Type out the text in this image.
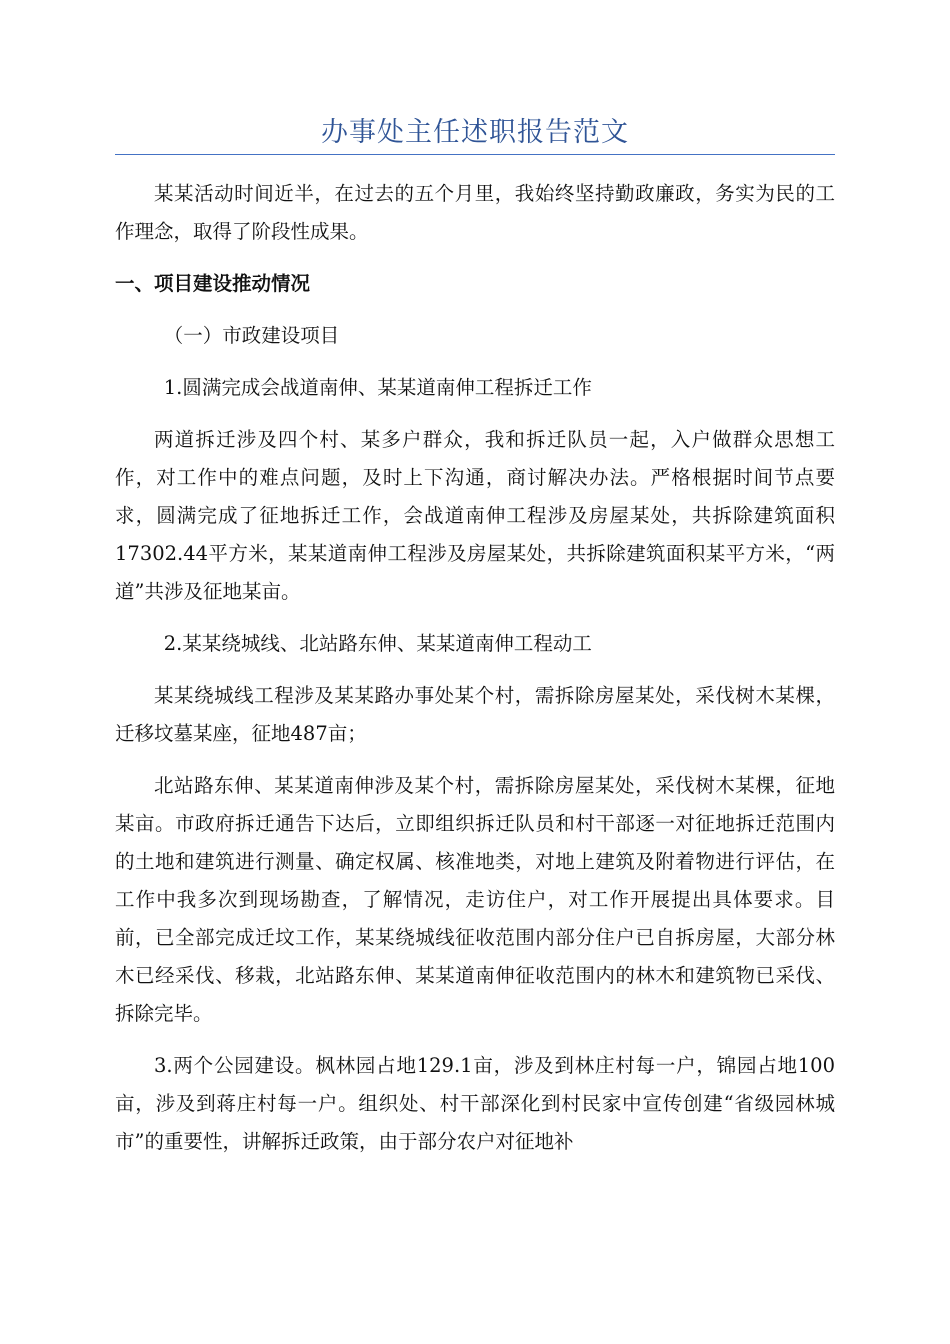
办事处主任述职报告范文

某某活动时间近半，在过去的五个月里，我始终坚持勤政廉政，务实为民的工作理念，取得了阶段性成果。

一、项目建设推动情况

（一）市政建设项目

1.圆满完成会战道南伸、某某道南伸工程拆迁工作

两道拆迁涉及四个村、某多户群众，我和拆迁队员一起，入户做群众思想工作，对工作中的难点问题，及时上下沟通，商讨解决办法。严格根据时间节点要求，圆满完成了征地拆迁工作，会战道南伸工程涉及房屋某处，共拆除建筑面积17302.44平方米，某某道南伸工程涉及房屋某处，共拆除建筑面积某平方米，“两道”共涉及征地某亩。

2.某某绕城线、北站路东伸、某某道南伸工程动工

某某绕城线工程涉及某某路办事处某个村，需拆除房屋某处，采伐树木某棵，迁移坟墓某座，征地487亩；

北站路东伸、某某道南伸涉及某个村，需拆除房屋某处，采伐树木某棵，征地某亩。市政府拆迁通告下达后，立即组织拆迁队员和村干部逐一对征地拆迁范围内的土地和建筑进行测量、确定权属、核准地类，对地上建筑及附着物进行评估，在工作中我多次到现场勘查，了解情况，走访住户，对工作开展提出具体要求。目前，已全部完成迁坟工作，某某绕城线征收范围内部分住户已自拆房屋，大部分林木已经采伐、移栽，北站路东伸、某某道南伸征收范围内的林木和建筑物已采伐、拆除完毕。

3.两个公园建设。枫林园占地129.1亩，涉及到林庄村每一户，锦园占地100亩，涉及到蒋庄村每一户。组织处、村干部深化到村民家中宣传创建“省级园林城市”的重要性，讲解拆迁政策，由于部分农户对征地补
